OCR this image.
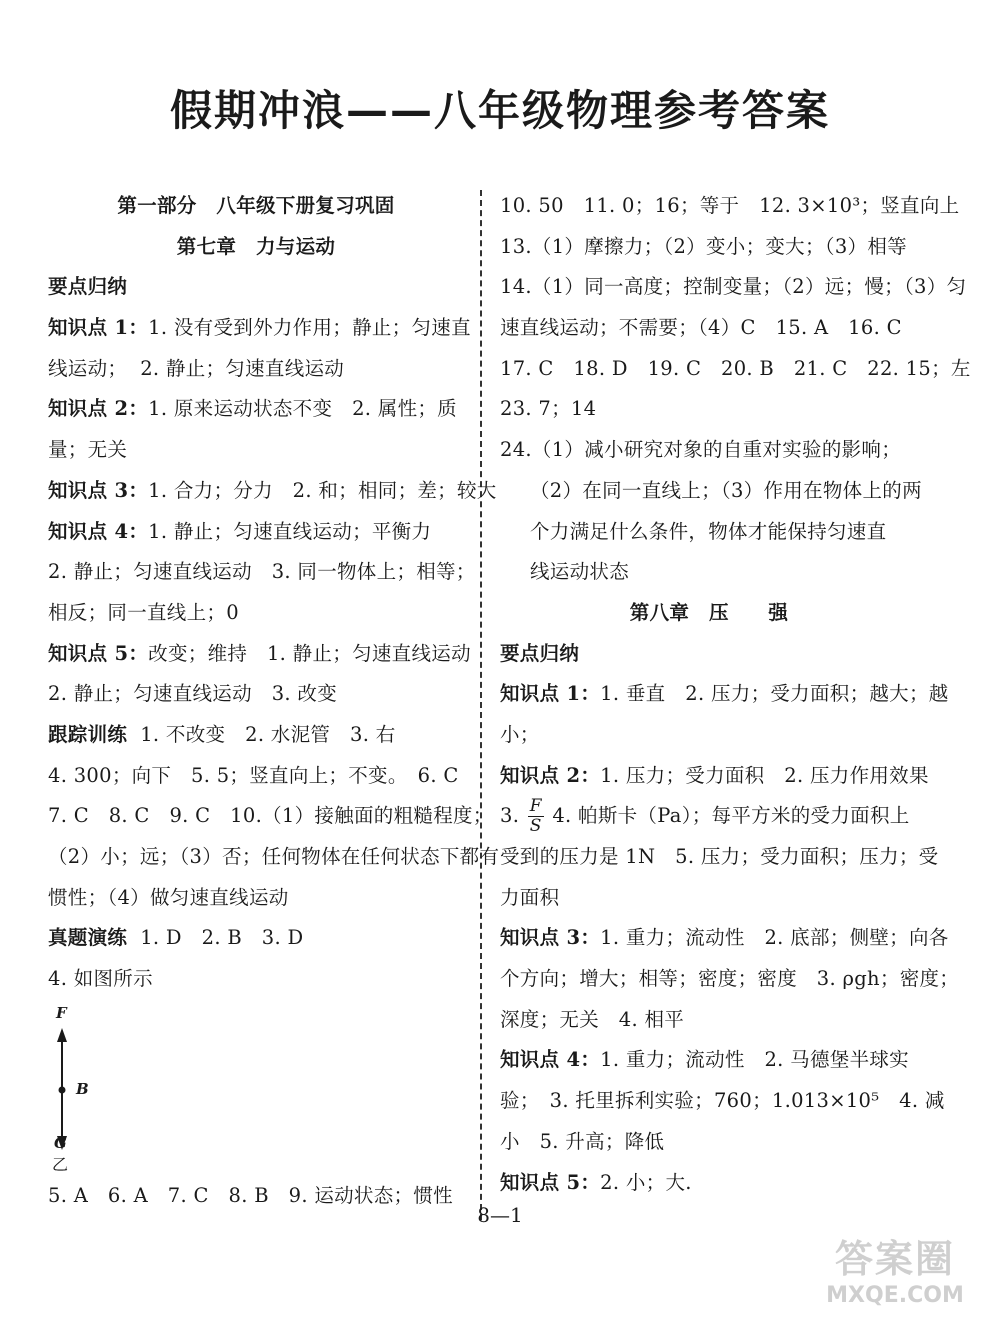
假期冲浪——八年级物理参考答案
第一部分　八年级下册复习巩固
第七章　力与运动
要点归纳
知识点 1：1. 没有受到外力作用；静止；匀速直
线运动； 2. 静止；匀速直线运动
知识点 2：1. 原来运动状态不变　2. 属性；质
量；无关
知识点 3：1. 合力；分力　2. 和；相同；差；较大
知识点 4：1. 静止；匀速直线运动；平衡力
2. 静止；匀速直线运动　3. 同一物体上；相等；
相反；同一直线上；0
知识点 5：改变；维持　1. 静止；匀速直线运动
2. 静止；匀速直线运动　3. 改变
跟踪训练 1. 不改变　2. 水泥管　3. 右
4. 300；向下　5. 5；竖直向上；不变。　6. C
7. C　8. C　9. C　10.（1）接触面的粗糙程度；
（2）小；远；（3）否；任何物体在任何状态下都有
惯性；（4）做匀速直线运动
真题演练 1. D　2. B　3. D
4. 如图所示
F
B
G
乙
5. A　6. A　7. C　8. B　9. 运动状态；惯性
10. 50　11. 0；16；等于　12. 3×10³；竖直向上
13.（1）摩擦力；（2）变小；变大；（3）相等
14.（1）同一高度；控制变量；（2）远；慢；（3）匀
速直线运动；不需要；（4）C　15. A　16. C
17. C　18. D　19. C　20. B　21. C　22. 15；左
23. 7；14
24.（1）减小研究对象的自重对实验的影响；
（2）在同一直线上；（3）作用在物体上的两
个力满足什么条件，物体才能保持匀速直
线运动状态
第八章　压　　强
要点归纳
知识点 1：1. 垂直　2. 压力；受力面积；越大；越
小；
知识点 2：1. 压力；受力面积　2. 压力作用效果
3. $\frac{F}{S} 4$. 帕斯卡（Pa）；每平方米的受力面积上
受到的压力是 1N　5. 压力；受力面积；压力；受
力面积
知识点 3：1. 重力；流动性　2. 底部；侧壁；向各
个方向；增大；相等；密度；密度　3. ρgh；密度；
深度；无关　4. 相平
知识点 4：1. 重力；流动性　2. 马德堡半球实
验；　3. 托里拆利实验；760；1.013×10⁵　4. 减
小　5. 升高；降低
知识点 5：2. 小；大.
8—1
答案圈
MXQE.COM
